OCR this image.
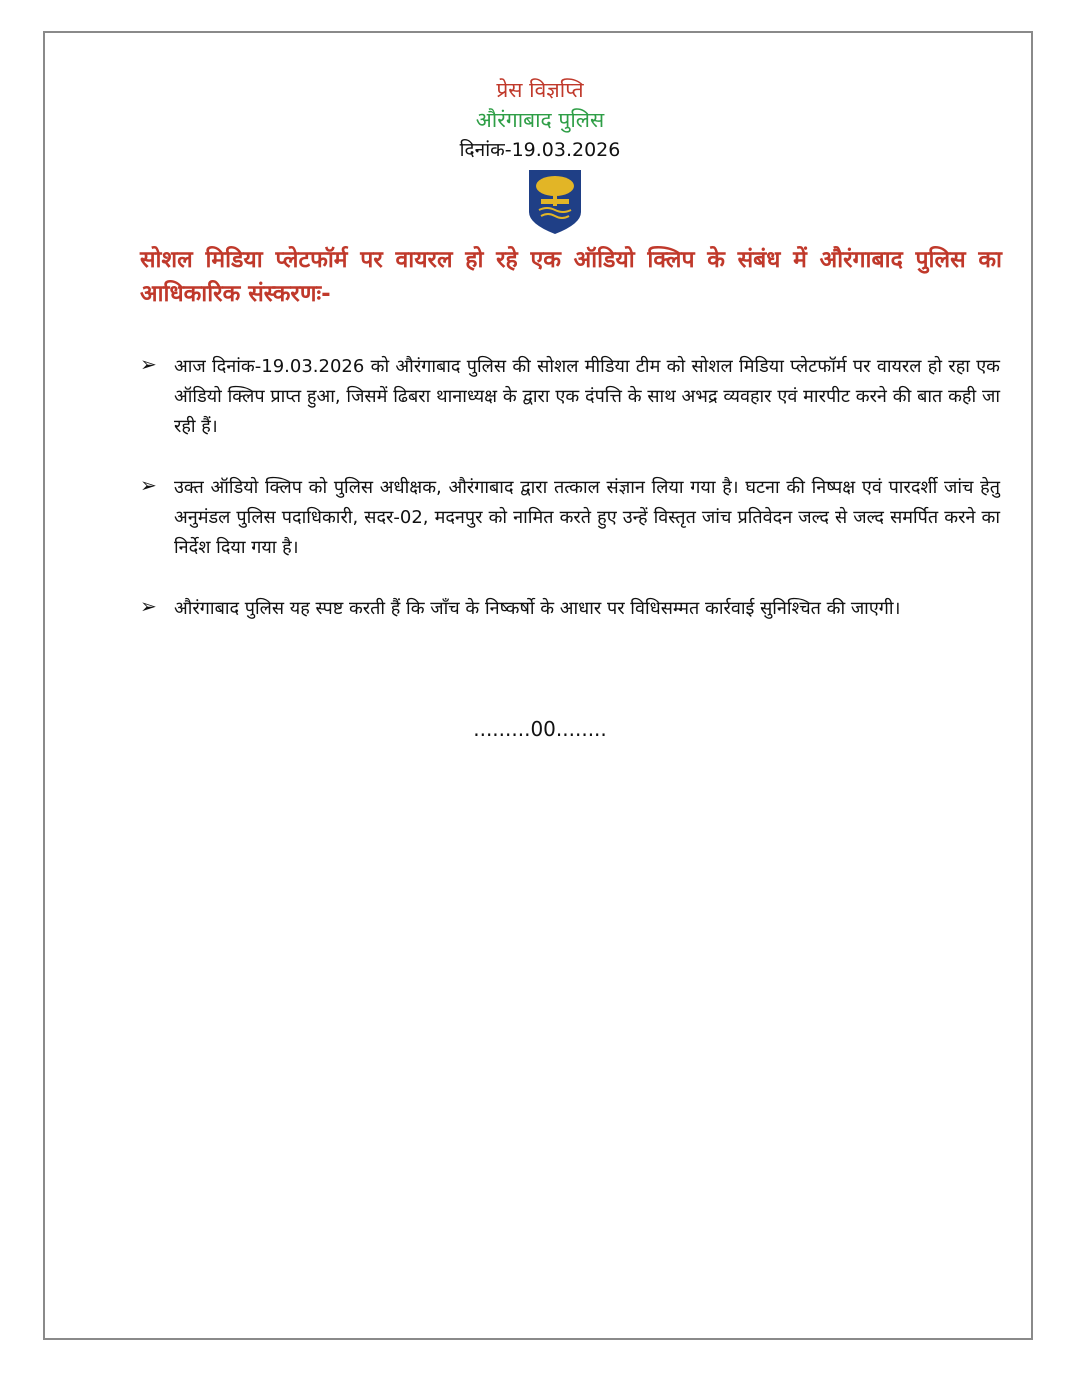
प्रेस विज्ञप्ति
औरंगाबाद पुलिस
दिनांक-19.03.2026
सोशल मिडिया प्लेटफॉर्म पर वायरल हो रहे एक ऑडियो क्लिप के संबंध में औरंगाबाद पुलिस का आधिकारिक संस्करणः-
➢ आज दिनांक-19.03.2026 को औरंगाबाद पुलिस की सोशल मीडिया टीम को सोशल मिडिया प्लेटफॉर्म पर वायरल हो रहा एक ऑडियो क्लिप प्राप्त हुआ, जिसमें ढिबरा थानाध्यक्ष के द्वारा एक दंपत्ति के साथ अभद्र व्यवहार एवं मारपीट करने की बात कही जा रही हैं।
➢ उक्त ऑडियो क्लिप को पुलिस अधीक्षक, औरंगाबाद द्वारा तत्काल संज्ञान लिया गया है। घटना की निष्पक्ष एवं पारदर्शी जांच हेतु अनुमंडल पुलिस पदाधिकारी, सदर-02, मदनपुर को नामित करते हुए उन्हें विस्तृत जांच प्रतिवेदन जल्द से जल्द समर्पित करने का निर्देश दिया गया है।
➢ औरंगाबाद पुलिस यह स्पष्ट करती हैं कि जाँच के निष्कर्षो के आधार पर विधिसम्मत कार्रवाई सुनिश्चित की जाएगी।
.........00........
